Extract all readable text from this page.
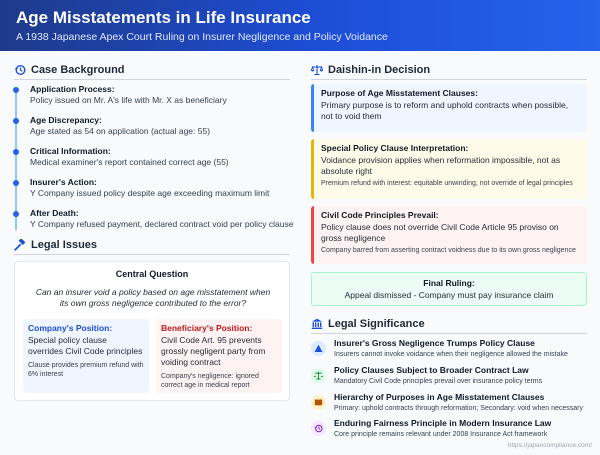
Age Misstatements in Life Insurance
A 1938 Japanese Apex Court Ruling on Insurer Negligence and Policy Voidance
Case Background
Application Process:
Policy issued on Mr. A's life with Mr. X as beneficiary
Age Discrepancy:
Age stated as 54 on application (actual age: 55)
Critical Information:
Medical examiner's report contained correct age (55)
Insurer's Action:
Y Company issued policy despite age exceeding maximum limit
After Death:
Y Company refused payment, declared contract void per policy clause
Legal Issues
Central Question
Can an insurer void a policy based on age misstatement when its own gross negligence contributed to the error?
Company's Position:
Special policy clause overrides Civil Code principles
Clause provides premium refund with 6% interest
Beneficiary's Position:
Civil Code Art. 95 prevents grossly negligent party from voiding contract
Company's negligence: ignored correct age in medical report
Daishin-in Decision
Purpose of Age Misstatement Clauses:
Primary purpose is to reform and uphold contracts when possible, not to void them
Special Policy Clause Interpretation:
Voidance provision applies when reformation impossible, not as absolute right
Premium refund with interest: equitable unwinding, not override of legal principles
Civil Code Principles Prevail:
Policy clause does not override Civil Code Article 95 proviso on gross negligence
Company barred from asserting contract voidness due to its own gross negligence
Final Ruling:
Appeal dismissed - Company must pay insurance claim
Legal Significance
Insurer's Gross Negligence Trumps Policy Clause
Insurers cannot invoke voidance when their negligence allowed the mistake
Policy Clauses Subject to Broader Contract Law
Mandatory Civil Code principles prevail over insurance policy terms
Hierarchy of Purposes in Age Misstatement Clauses
Primary: uphold contracts through reformation; Secondary: void when necessary
Enduring Fairness Principle in Modern Insurance Law
Core principle remains relevant under 2008 Insurance Act framework
https://japancompliance.com/
